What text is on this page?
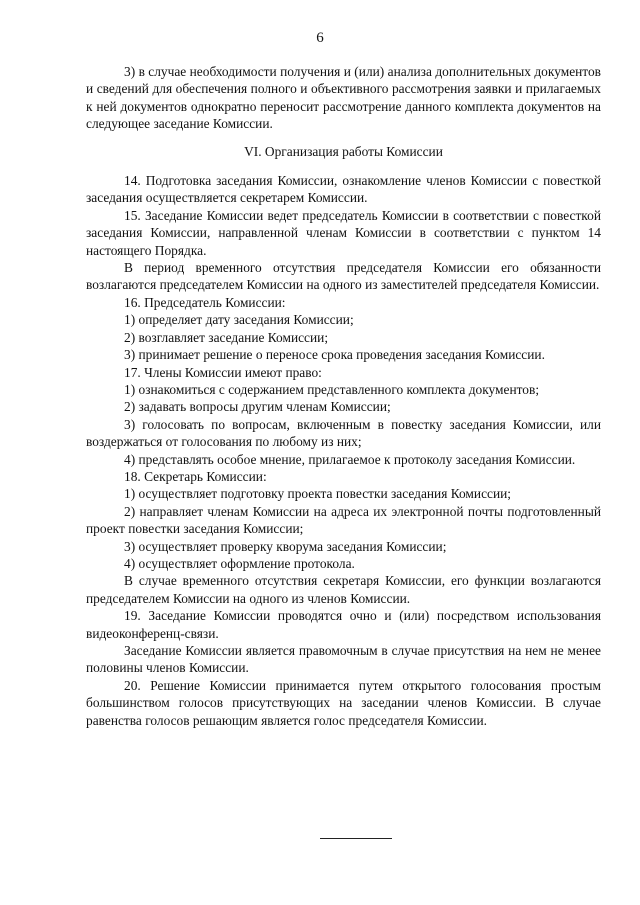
6

3) в случае необходимости получения и (или) анализа дополнительных документов и сведений для обеспечения полного и объективного рассмотрения заявки и прилагаемых к ней документов однократно переносит рассмотрение данного комплекта документов на следующее заседание Комиссии.

VI. Организация работы Комиссии

14. Подготовка заседания Комиссии, ознакомление членов Комиссии с повесткой заседания осуществляется секретарем Комиссии.

15. Заседание Комиссии ведет председатель Комиссии в соответствии с повесткой заседания Комиссии, направленной членам Комиссии в соответствии с пунктом 14 настоящего Порядка.

В период временного отсутствия председателя Комиссии его обязанности возлагаются председателем Комиссии на одного из заместителей председателя Комиссии.

16. Председатель Комиссии:

1) определяет дату заседания Комиссии;

2) возглавляет заседание Комиссии;

3) принимает решение о переносе срока проведения заседания Комиссии.

17. Члены Комиссии имеют право:

1) ознакомиться с содержанием представленного комплекта документов;

2) задавать вопросы другим членам Комиссии;

3) голосовать по вопросам, включенным в повестку заседания Комиссии, или воздержаться от голосования по любому из них;

4) представлять особое мнение, прилагаемое к протоколу заседания Комиссии.

18. Секретарь Комиссии:

1) осуществляет подготовку проекта повестки заседания Комиссии;

2) направляет членам Комиссии на адреса их электронной почты подготовленный проект повестки заседания Комиссии;

3) осуществляет проверку кворума заседания Комиссии;

4) осуществляет оформление протокола.

В случае временного отсутствия секретаря Комиссии, его функции возлагаются председателем Комиссии на одного из членов Комиссии.

19. Заседание Комиссии проводятся очно и (или) посредством использования видеоконференц-связи.

Заседание Комиссии является правомочным в случае присутствия на нем не менее половины членов Комиссии.

20. Решение Комиссии принимается путем открытого голосования простым большинством голосов присутствующих на заседании членов Комиссии. В случае равенства голосов решающим является голос председателя Комиссии.
